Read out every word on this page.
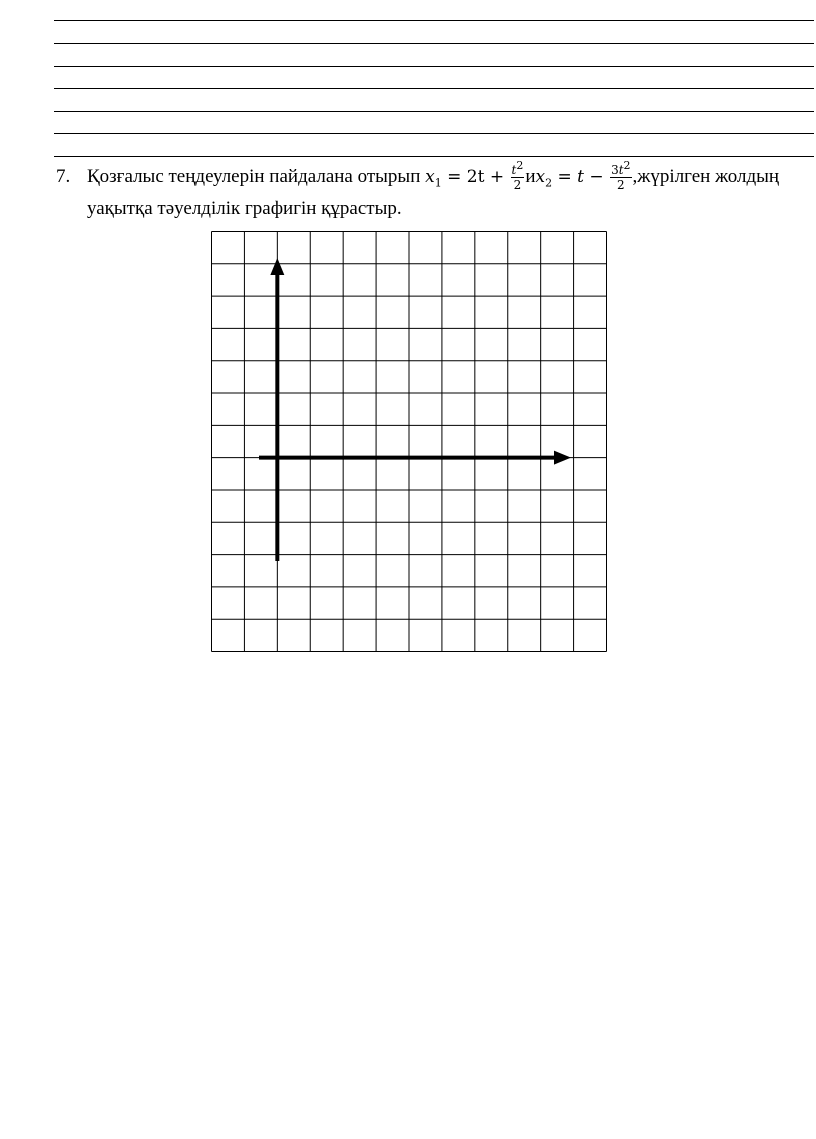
7. Қозғалыс теңдеулерін пайдалана отырып $x_1 = 2t + \frac{t^2}{2} иx_2 = t - \frac{3t^2}{2}$ ,жүрілген жолдың уақытқа тәуелділік графигін құрастыр.
